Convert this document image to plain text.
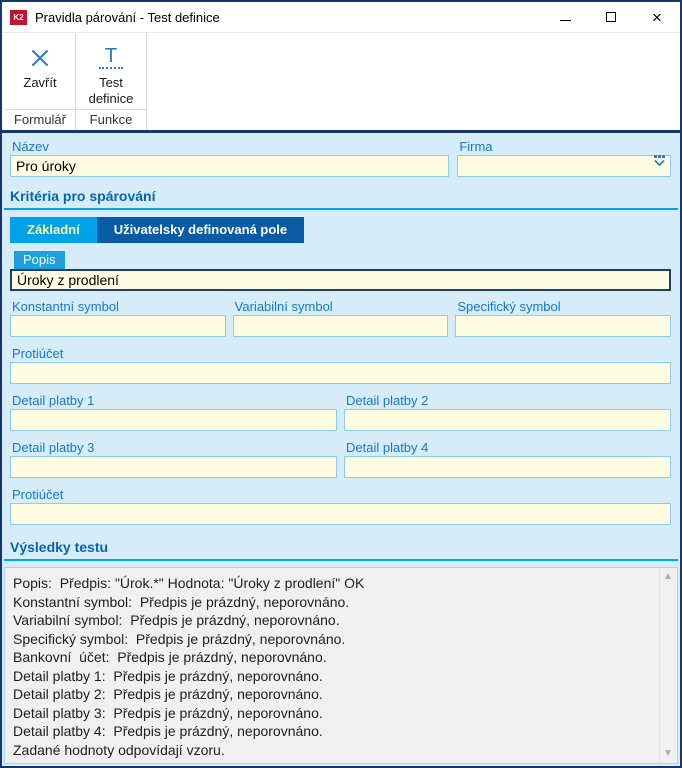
K2 Pravidla párování - Test definice	×
Zavřít
Formulář
T
Test definice
Funkce
Název
Pro úroky	Firma
Kritéria pro spárování
Základní	Uživatelsky definovaná pole
Popis Úroky z prodlení
Konstantní symbol	Variabilní symbol	Specifický symbol
Protiúčet
Detail platby 1	Detail platby 2
Detail platby 3	Detail platby 4
Protiúčet
Výsledky testu
Popis:  Předpis: "Úrok.*" Hodnota: "Úroky z prodlení" OK
Konstantní symbol:  Předpis je prázdný, neporovnáno.
Variabilní symbol:  Předpis je prázdný, neporovnáno.
Specifický symbol:  Předpis je prázdný, neporovnáno.
Bankovní  účet:  Předpis je prázdný, neporovnáno.
Detail platby 1:  Předpis je prázdný, neporovnáno.
Detail platby 2:  Předpis je prázdný, neporovnáno.
Detail platby 3:  Předpis je prázdný, neporovnáno.
Detail platby 4:  Předpis je prázdný, neporovnáno.
Zadané hodnoty odpovídají vzoru.
▲
▼
